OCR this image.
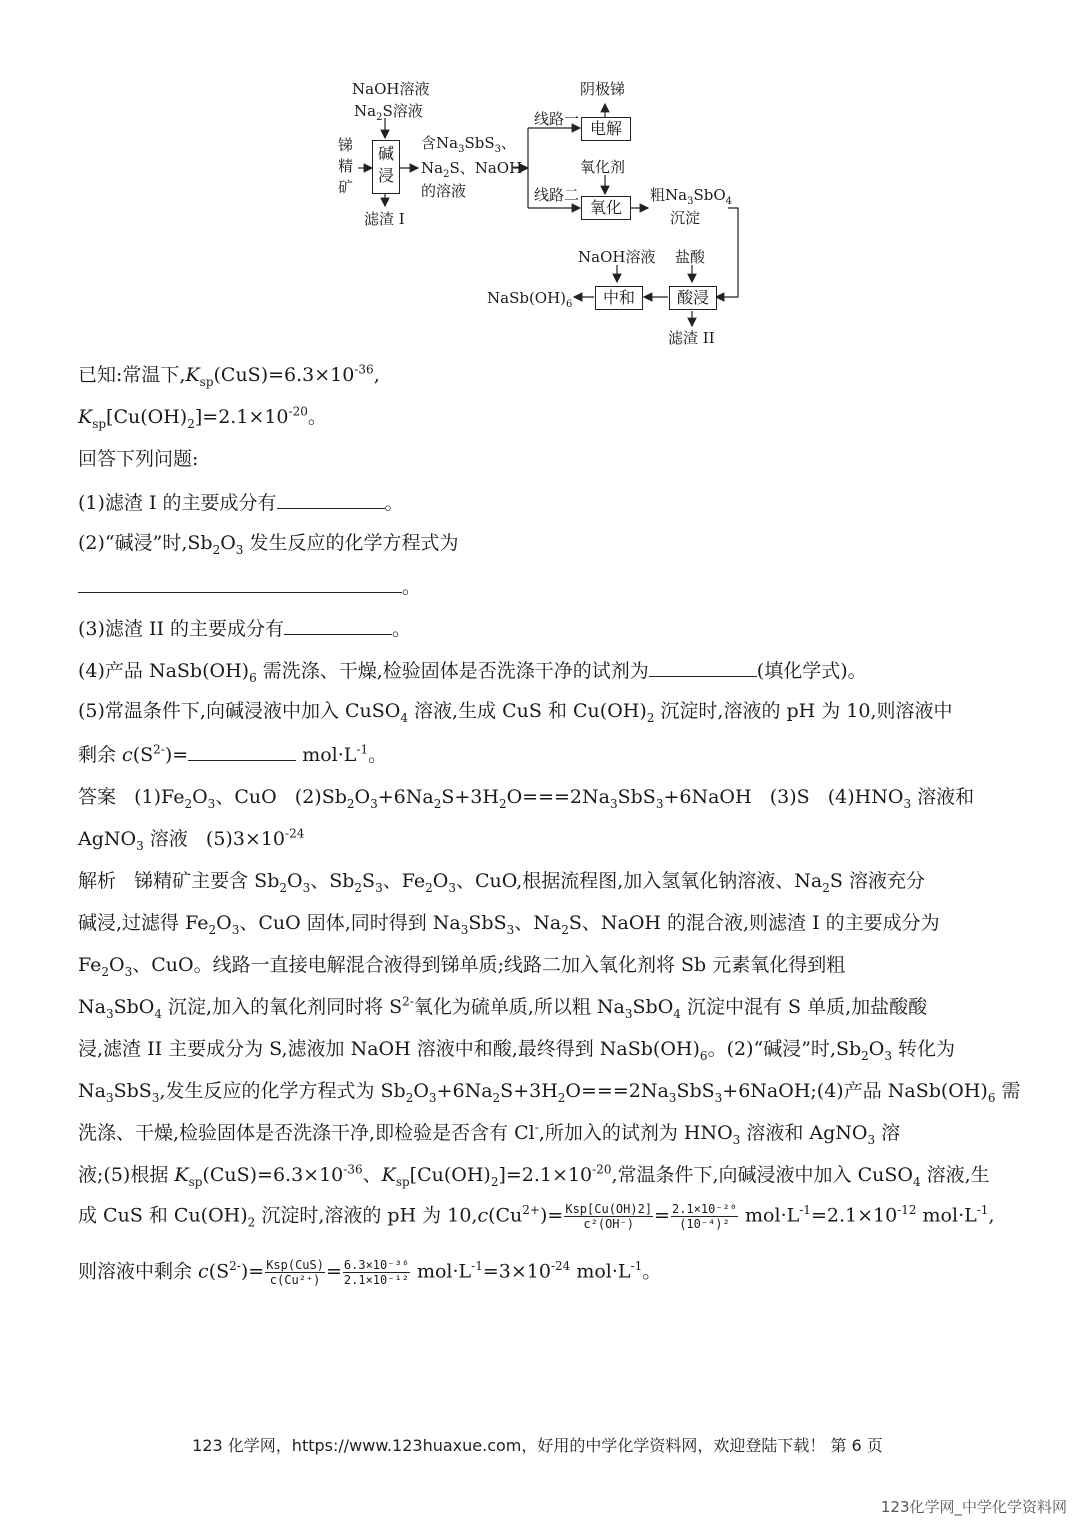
NaOH溶液
$Na_2S$溶液
锑
精
矿
碱
浸
滤渣 I
含$Na_3SbS_3$、
$Na_2S$、NaOH
的溶液
线路一
线路二
阴极锑
电解
氧化剂
氧化
粗$Na_3SbO_4$
沉淀
NaOH溶液 盐酸
中和	酸浸
$NaSb(OH)_6$
滤渣 II
已知:常温下$,K_{sp}(CuS)=6.3\times 10^{-36}$,
$K_{sp}[Cu(OH)_2]=2.1\times 10^{-20}$。
回答下列问题:
(1)滤渣 I 的主要成分有	。
(2)“碱浸”时$,Sb_2O_3$ 发生反应的化学方程式为
。
(3)滤渣 II 的主要成分有	。
(4)产品 $NaSb(OH)_6$ 需洗涤、干燥,检验固体是否洗涤干净的试剂为	(填化学式)。
(5)常温条件下,向碱浸液中加入 CuSO$_4$ 溶液,生成 CuS 和 $Cu(OH)_2$ 沉淀时,溶液的 pH 为 10,则溶液中
剩余 $c(S^{2-})=$	$mol\cdot L^{-1}$。
答案 $(1)Fe_2O_3$、CuO $(2)Sb_2O_3+6Na_2S+3H_2O===2Na_3SbS_3+6NaOH$ (3)S $(4)HNO_3$ 溶液和
AgNO$_3$ 溶液 $(5)3\times 10^{-24}$
解析 锑精矿主要含 $Sb_2O_3$、$Sb_2S_3$、$Fe_2O_3$、CuO,根据流程图,加入氢氧化钠溶液、$Na_2S$ 溶液充分
碱浸,过滤得 $Fe_2O_3$、CuO 固体,同时得到 $Na_3SbS_3$、$Na_2S$、NaOH 的混合液,则滤渣 I 的主要成分为
$Fe_2O_3$、CuO。线路一直接电解混合液得到锑单质;线路二加入氧化剂将 Sb 元素氧化得到粗
$Na_3SbO_4$ 沉淀,加入的氧化剂同时将 $S^{2-}$氧化为硫单质,所以粗 $Na_3SbO_4$ 沉淀中混有 S 单质,加盐酸酸
浸,滤渣 II 主要成分为 S,滤液加 NaOH 溶液中和酸,最终得到 $NaSb(OH)_6$。(2)“碱浸”时$,Sb_2O_3$ 转化为
$Na_3SbS_3$,发生反应的化学方程式为 $Sb_2O_3+6Na_2S+3H_2O===2Na_3SbS_3+6NaOH;(4)$产品 $NaSb(OH)_6$ 需
洗涤、干燥,检验固体是否洗涤干净,即检验是否含有 Cl-,所加入的试剂为 $HNO_3$ 溶液和 AgNO$_3$ 溶
液;(5)根据 $K_{sp}(CuS)=6.3\times 10^{-36}$、$K_{sp}[Cu(OH)_2]=2.1\times 10^{-20}$,常温条件下,向碱浸液中加入 CuSO$_4$ 溶液,生
成 CuS 和 $Cu(OH)_2$ 沉淀时,溶液的 pH 为 $10,c(Cu^{2+})= \frac{\text{Ksp[Cu(OH)2]}}{\text{c²(OH⁻)}} = \frac{\text{2.1×10⁻²⁰}}{\text{(10⁻⁴)²}} mol\cdot L^{-1}=2.1\times 10^{-12}$ $mol\cdot L^{-1}$,
则溶液中剩余 $c(S^{2-})= \frac{\text{Ksp(CuS)}}{\text{c(Cu²⁺)}} = \frac{\text{6.3×10⁻³⁶}}{\text{2.1×10⁻¹²}} mol\cdot L^{-1}=3\times 10^{-24}$ $mol\cdot L^{-1}$。
123 化学网，https://www.123huaxue.com，好用的中学化学资料网，欢迎登陆下载！ 第 6 页
123化学网_中学化学资料网
